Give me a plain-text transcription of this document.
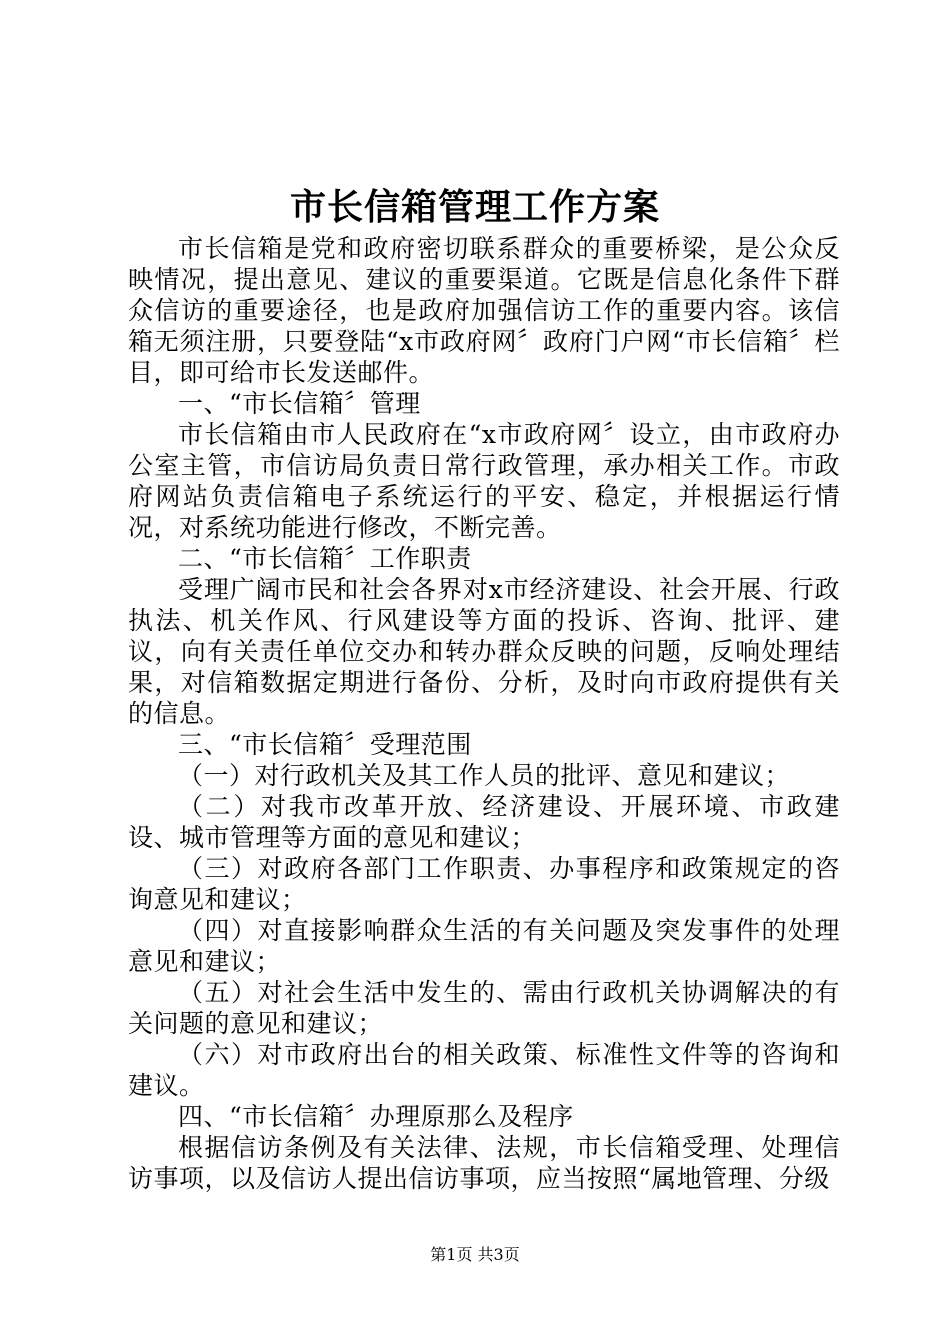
市长信箱管理工作方案

市长信箱是党和政府密切联系群众的重要桥梁，是公众反映情况，提出意见、建议的重要渠道。它既是信息化条件下群众信访的重要途径，也是政府加强信访工作的重要内容。该信箱无须注册，只要登陆“x市政府网〞政府门户网“市长信箱〞栏目，即可给市长发送邮件。

一、“市长信箱〞管理

市长信箱由市人民政府在“x市政府网〞设立，由市政府办公室主管，市信访局负责日常行政管理，承办相关工作。市政府网站负责信箱电子系统运行的平安、稳定，并根据运行情况，对系统功能进行修改，不断完善。

二、“市长信箱〞工作职责

受理广阔市民和社会各界对x市经济建设、社会开展、行政执法、机关作风、行风建设等方面的投诉、咨询、批评、建议，向有关责任单位交办和转办群众反映的问题，反响处理结果，对信箱数据定期进行备份、分析，及时向市政府提供有关的信息。

三、“市长信箱〞受理范围

（一）对行政机关及其工作人员的批评、意见和建议；

（二）对我市改革开放、经济建设、开展环境、市政建设、城市管理等方面的意见和建议；

（三）对政府各部门工作职责、办事程序和政策规定的咨询意见和建议；

（四）对直接影响群众生活的有关问题及突发事件的处理意见和建议；

（五）对社会生活中发生的、需由行政机关协调解决的有关问题的意见和建议；

（六）对市政府出台的相关政策、标准性文件等的咨询和建议。

四、“市长信箱〞办理原那么及程序

根据信访条例及有关法律、法规，市长信箱受理、处理信访事项，以及信访人提出信访事项，应当按照“属地管理、分级

第1页 共3页
